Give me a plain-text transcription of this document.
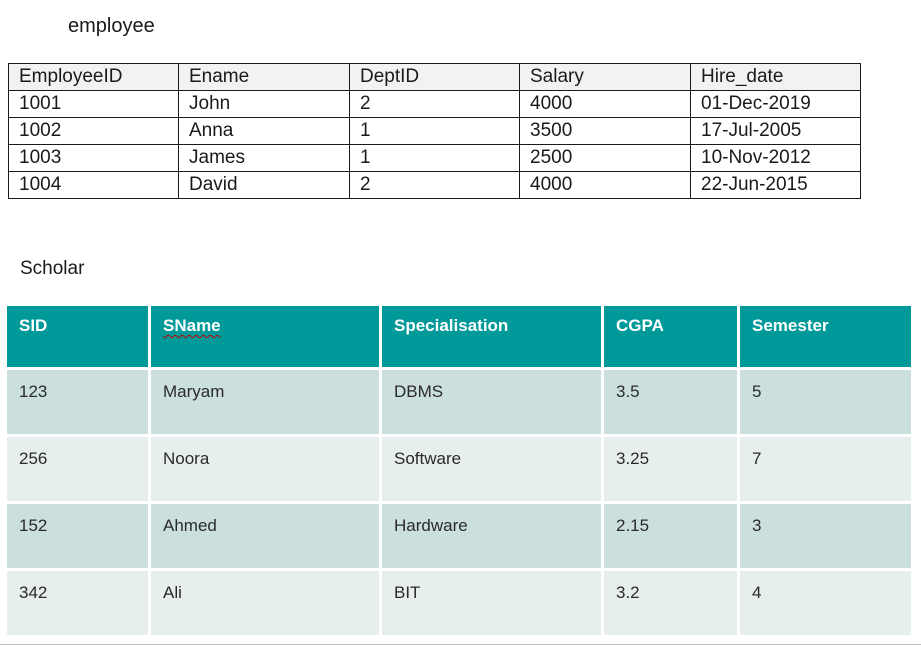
employee
EmployeeID	Ename	DeptID	Salary	Hire_date
1001	John	2	4000	01-Dec-2019
1002	Anna	1	3500	17-Jul-2005
1003	James	1	2500	10-Nov-2012
1004	David	2	4000	22-Jun-2015
Scholar
SID	SName	Specialisation	CGPA	Semester
123	Maryam	DBMS	3.5	5
256	Noora	Software	3.25	7
152	Ahmed	Hardware	2.15	3
342	Ali	BIT	3.2	4
